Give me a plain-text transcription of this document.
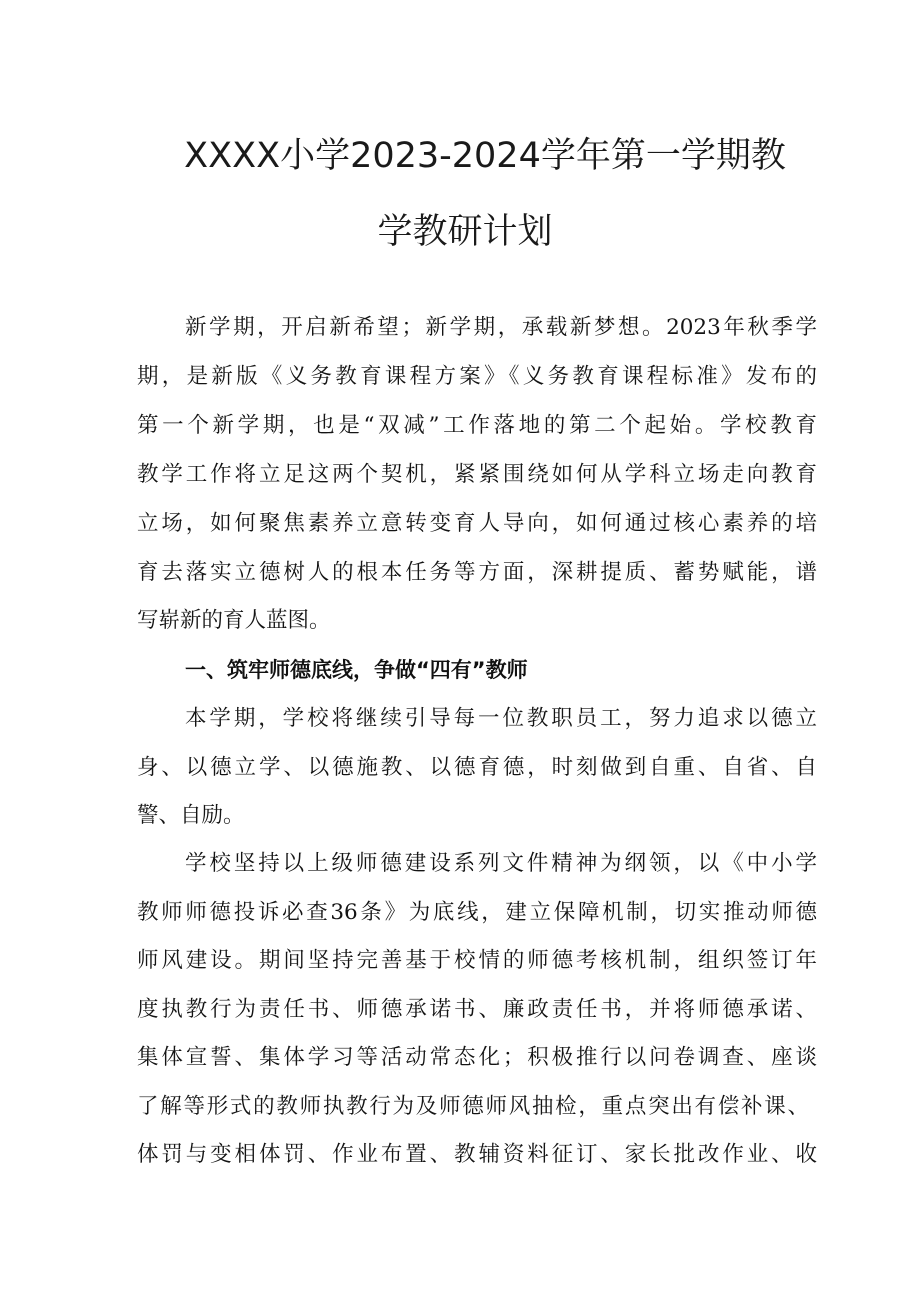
XXXX小学2023-2024学年第一学期教
学教研计划
新学期，开启新希望；新学期，承载新梦想。2023年秋季学
期，是新版《义务教育课程方案》《义务教育课程标准》发布的
第一个新学期，也是“双减”工作落地的第二个起始。学校教育
教学工作将立足这两个契机，紧紧围绕如何从学科立场走向教育
立场，如何聚焦素养立意转变育人导向，如何通过核心素养的培
育去落实立德树人的根本任务等方面，深耕提质、蓄势赋能，谱
写崭新的育人蓝图。
一、筑牢师德底线，争做“四有”教师
本学期，学校将继续引导每一位教职员工，努力追求以德立
身、以德立学、以德施教、以德育德，时刻做到自重、自省、自
警、自励。
学校坚持以上级师德建设系列文件精神为纲领，以《中小学
教师师德投诉必查36条》为底线，建立保障机制，切实推动师德
师风建设。期间坚持完善基于校情的师德考核机制，组织签订年
度执教行为责任书、师德承诺书、廉政责任书，并将师德承诺、
集体宣誓、集体学习等活动常态化；积极推行以问卷调查、座谈
了解等形式的教师执教行为及师德师风抽检，重点突出有偿补课、
体罚与变相体罚、作业布置、教辅资料征订、家长批改作业、收
